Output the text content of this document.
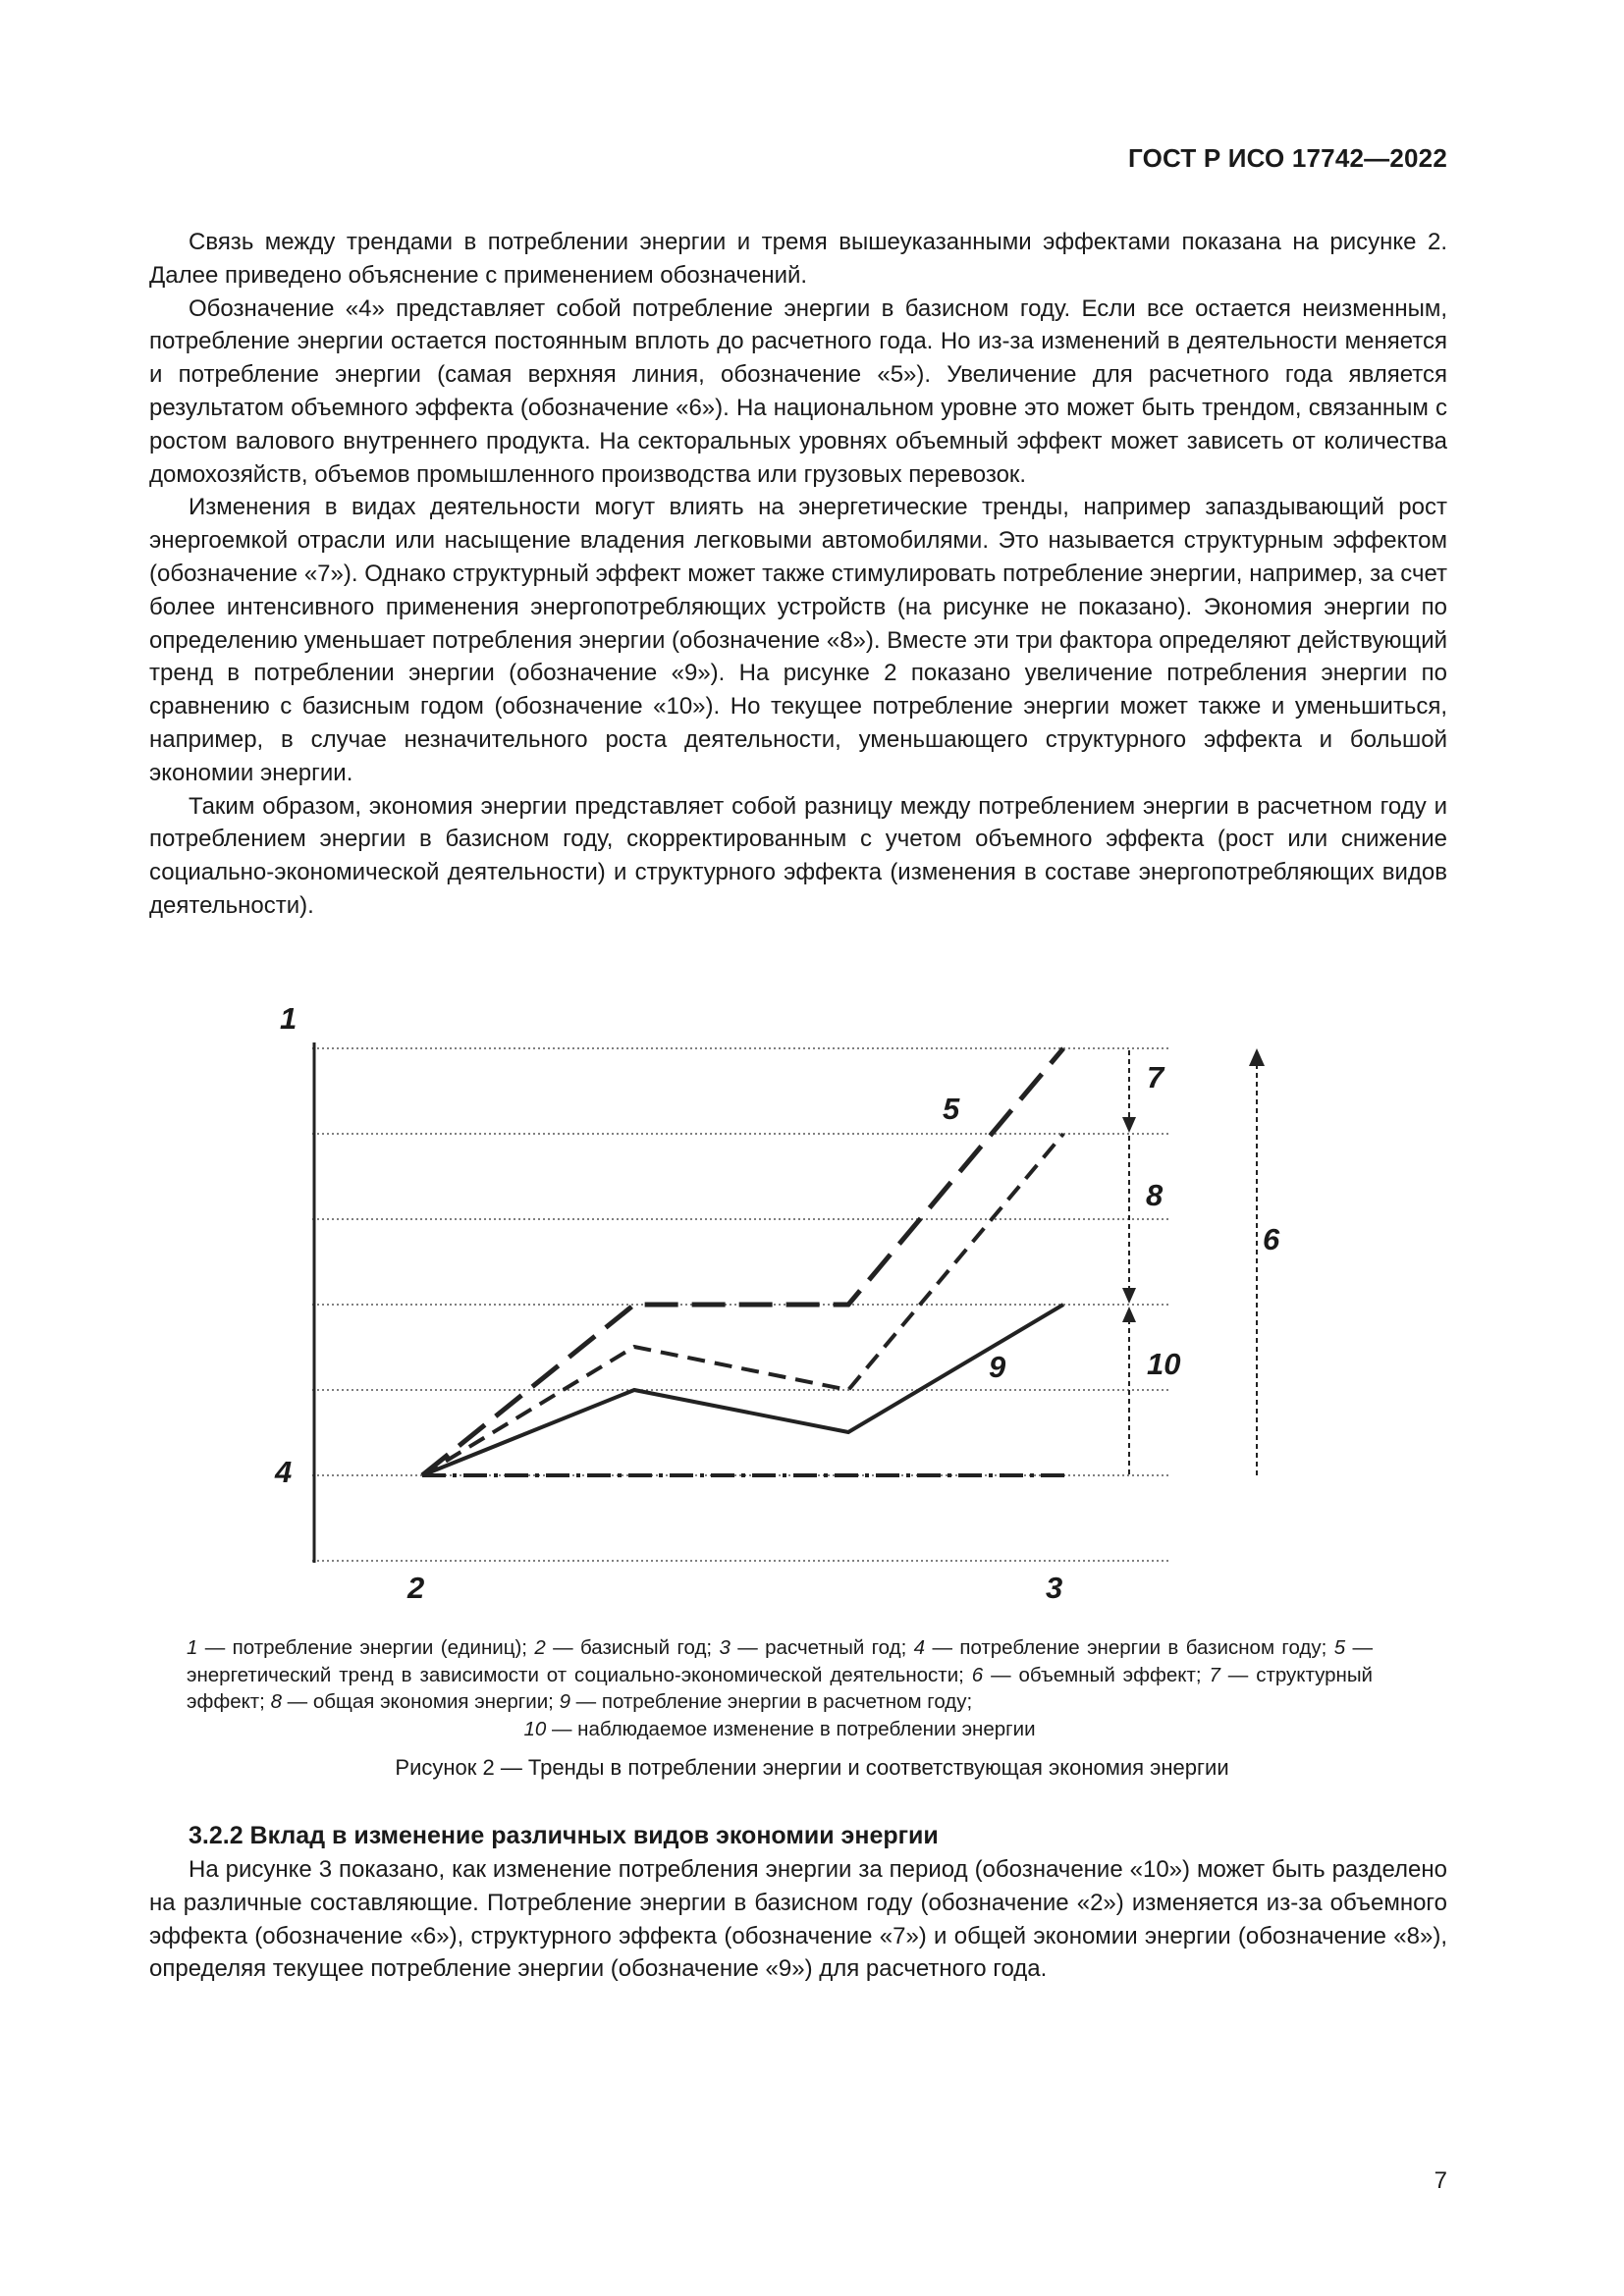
ГОСТ Р ИСО 17742—2022

Связь между трендами в потреблении энергии и тремя вышеуказанными эффектами показана на рисунке 2. Далее приведено объяснение с применением обозначений.

Обозначение «4» представляет собой потребление энергии в базисном году. Если все остается неизменным, потребление энергии остается постоянным вплоть до расчетного года. Но из-за изменений в деятельности меняется и потребление энергии (самая верхняя линия, обозначение «5»). Увеличение для расчетного года является результатом объемного эффекта (обозначение «6»). На национальном уровне это может быть трендом, связанным с ростом валового внутреннего продукта. На секторальных уровнях объемный эффект может зависеть от количества домохозяйств, объемов промышленного производства или грузовых перевозок.

Изменения в видах деятельности могут влиять на энергетические тренды, например запаздывающий рост энергоемкой отрасли или насыщение владения легковыми автомобилями. Это называется структурным эффектом (обозначение «7»). Однако структурный эффект может также стимулировать потребление энергии, например, за счет более интенсивного применения энергопотребляющих устройств (на рисунке не показано). Экономия энергии по определению уменьшает потребления энергии (обозначение «8»). Вместе эти три фактора определяют действующий тренд в потреблении энергии (обозначение «9»). На рисунке 2 показано увеличение потребления энергии по сравнению с базисным годом (обозначение «10»). Но текущее потребление энергии может также и уменьшиться, например, в случае незначительного роста деятельности, уменьшающего структурного эффекта и большой экономии энергии.

Таким образом, экономия энергии представляет собой разницу между потреблением энергии в расчетном году и потреблением энергии в базисном году, скорректированным с учетом объемного эффекта (рост или снижение социально-экономической деятельности) и структурного эффекта (изменения в составе энергопотребляющих видов деятельности).

1
4
2	3
5
6
7
8
9	10
1 — потребление энергии (единиц); 2 — базисный год; 3 — расчетный год; 4 — потребление энергии в базисном году; 5 — энергетический тренд в зависимости от социально-экономической деятельности; 6 — объемный эффект; 7 — структурный эффект; 8 — общая экономия энергии; 9 — потребление энергии в расчетном году;
10 — наблюдаемое изменение в потреблении энергии
Рисунок 2 — Тренды в потреблении энергии и соответствующая экономия энергии
3.2.2 Вклад в изменение различных видов экономии энергии

На рисунке 3 показано, как изменение потребления энергии за период (обозначение «10») может быть разделено на различные составляющие. Потребление энергии в базисном году (обозначение «2») изменяется из-за объемного эффекта (обозначение «6»), структурного эффекта (обозначение «7») и общей экономии энергии (обозначение «8»), определяя текущее потребление энергии (обозначение «9») для расчетного года.

7
